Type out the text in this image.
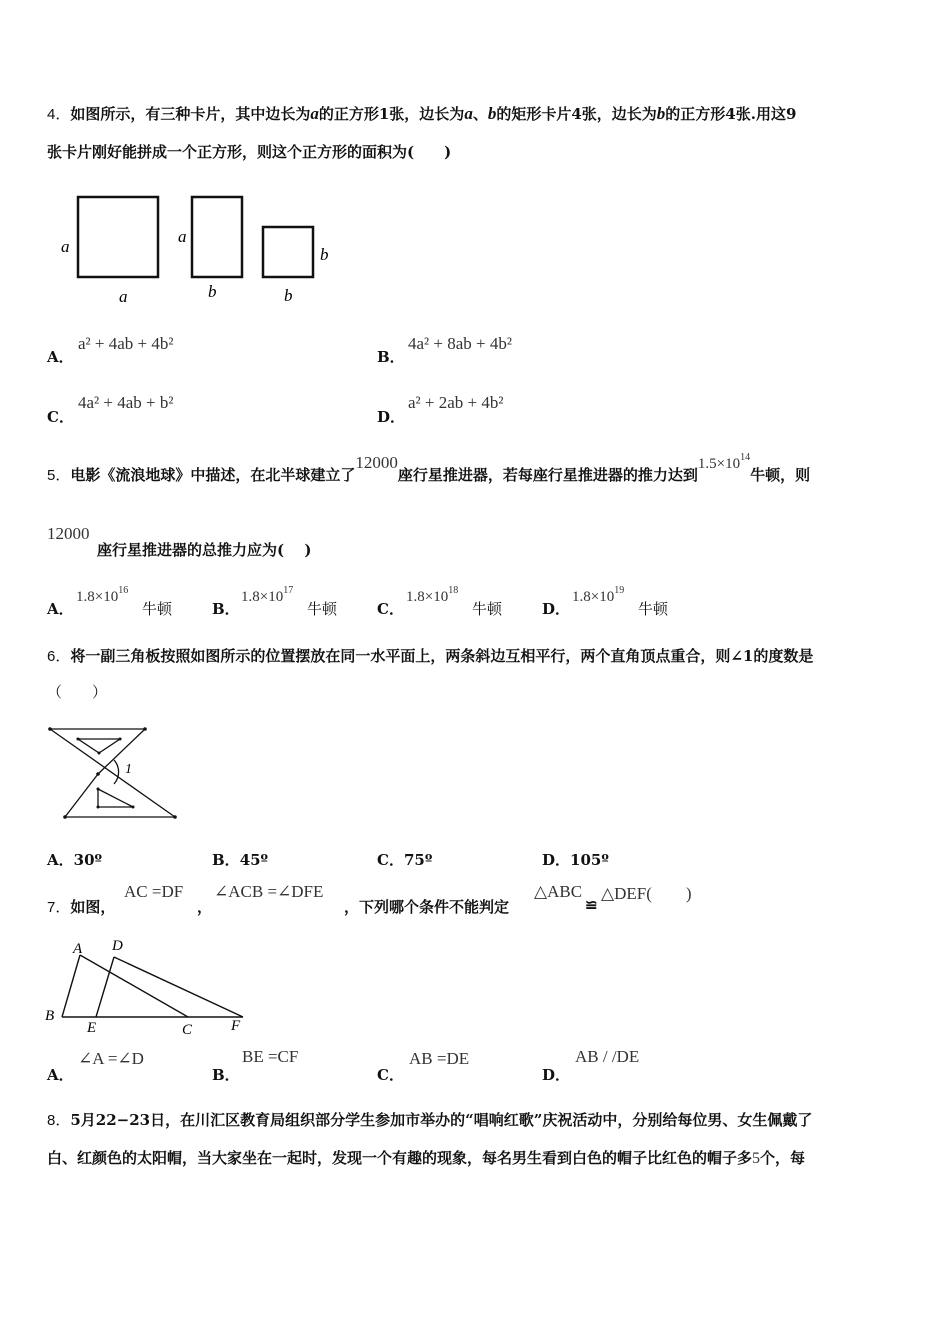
4．如图所示，有三种卡片，其中边长为a的正方形1张，边长为a、b的矩形卡片4张，边长为b的正方形4张.用这9
张卡片刚好能拼成一个正方形，则这个正方形的面积为(　　)
a
a
a
b
b
b
A．
a² + 4ab + 4b²
B．
4a² + 8ab + 4b²
C．
4a² + 4ab + b²
D．
a² + 2ab + 4b²
5．电影《流浪地球》中描述，在北半球建立了12000座行星推进器，若每座行星推进器的推力达到$1.5\times 10^{14}$牛顿，则
12000
座行星推进器的总推力应为(　 )
A．
$1.8\times 10^{16}$
牛顿	B．
$1.8\times 10^{17}$
牛顿	C．
$1.8\times 10^{18}$
牛顿	D．
$1.8\times 10^{19}$
牛顿
6．将一副三角板按照如图所示的位置摆放在同一水平面上，两条斜边互相平行，两个直角顶点重合，则∠1的度数是
（　　）
1
A．30º	B．45º	C．75º	D．105º
7．如图，
AC =DF
，
∠ACB =∠DFE
，下列哪个条件不能判定
△ABC
≌
△DEF(　　)
A
B
C
D
E	F
A．
∠A =∠D
B．
BE =CF
C．
AB =DE
D．
AB / /DE
8．5月22−23日，在川汇区教育局组织部分学生参加市举办的“唱响红歌”庆祝活动中，分别给每位男、女生佩戴了
白、红颜色的太阳帽，当大家坐在一起时，发现一个有趣的现象，每名男生看到白色的帽子比红色的帽子多5个，每
